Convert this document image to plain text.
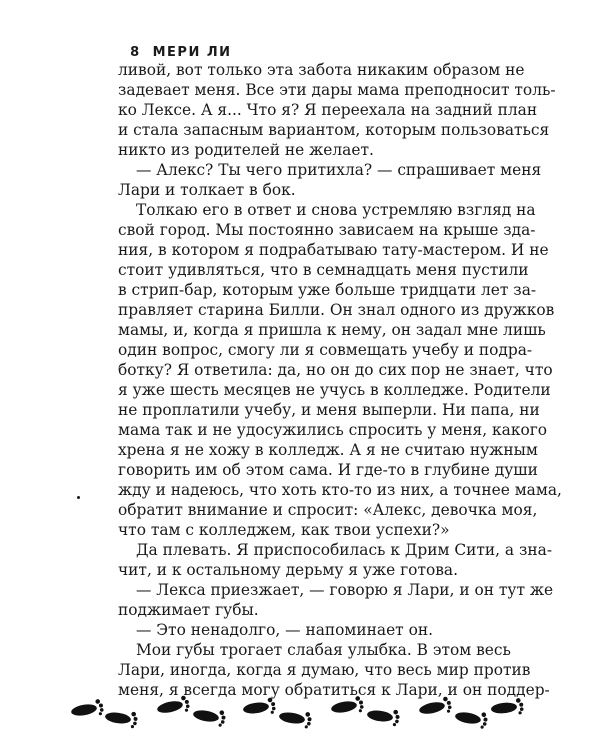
8 МЕРИ ЛИ

ливой, вот только эта забота никаким образом не
задевает меня. Все эти дары мама преподносит толь-
ко Лексе. А я... Что я? Я переехала на задний план
и стала запасным вариантом, которым пользоваться
никто из родителей не желает.
— Алекс? Ты чего притихла? — спрашивает меня
Лари и толкает в бок.
Толкаю его в ответ и снова устремляю взгляд на
свой город. Мы постоянно зависаем на крыше зда-
ния, в котором я подрабатываю тату-мастером. И не
стоит удивляться, что в семнадцать меня пустили
в стрип-бар, которым уже больше тридцати лет за-
правляет старина Билли. Он знал одного из дружков
мамы, и, когда я пришла к нему, он задал мне лишь
один вопрос, смогу ли я совмещать учебу и подра-
ботку? Я ответила: да, но он до сих пор не знает, что
я уже шесть месяцев не учусь в колледже. Родители
не проплатили учебу, и меня выперли. Ни папа, ни
мама так и не удосужились спросить у меня, какого
хрена я не хожу в колледж. А я не считаю нужным
говорить им об этом сама. И где-то в глубине души
жду и надеюсь, что хоть кто-то из них, а точнее мама,
обратит внимание и спросит: «Алекс, девочка моя,
что там с колледжем, как твои успехи?»
Да плевать. Я приспособилась к Дрим Сити, а зна-
чит, и к остальному дерьму я уже готова.
— Лекса приезжает, — говорю я Лари, и он тут же
поджимает губы.
— Это ненадолго, — напоминает он.
Мои губы трогает слабая улыбка. В этом весь
Лари, иногда, когда я думаю, что весь мир против
меня, я всегда могу обратиться к Лари, и он поддер-
